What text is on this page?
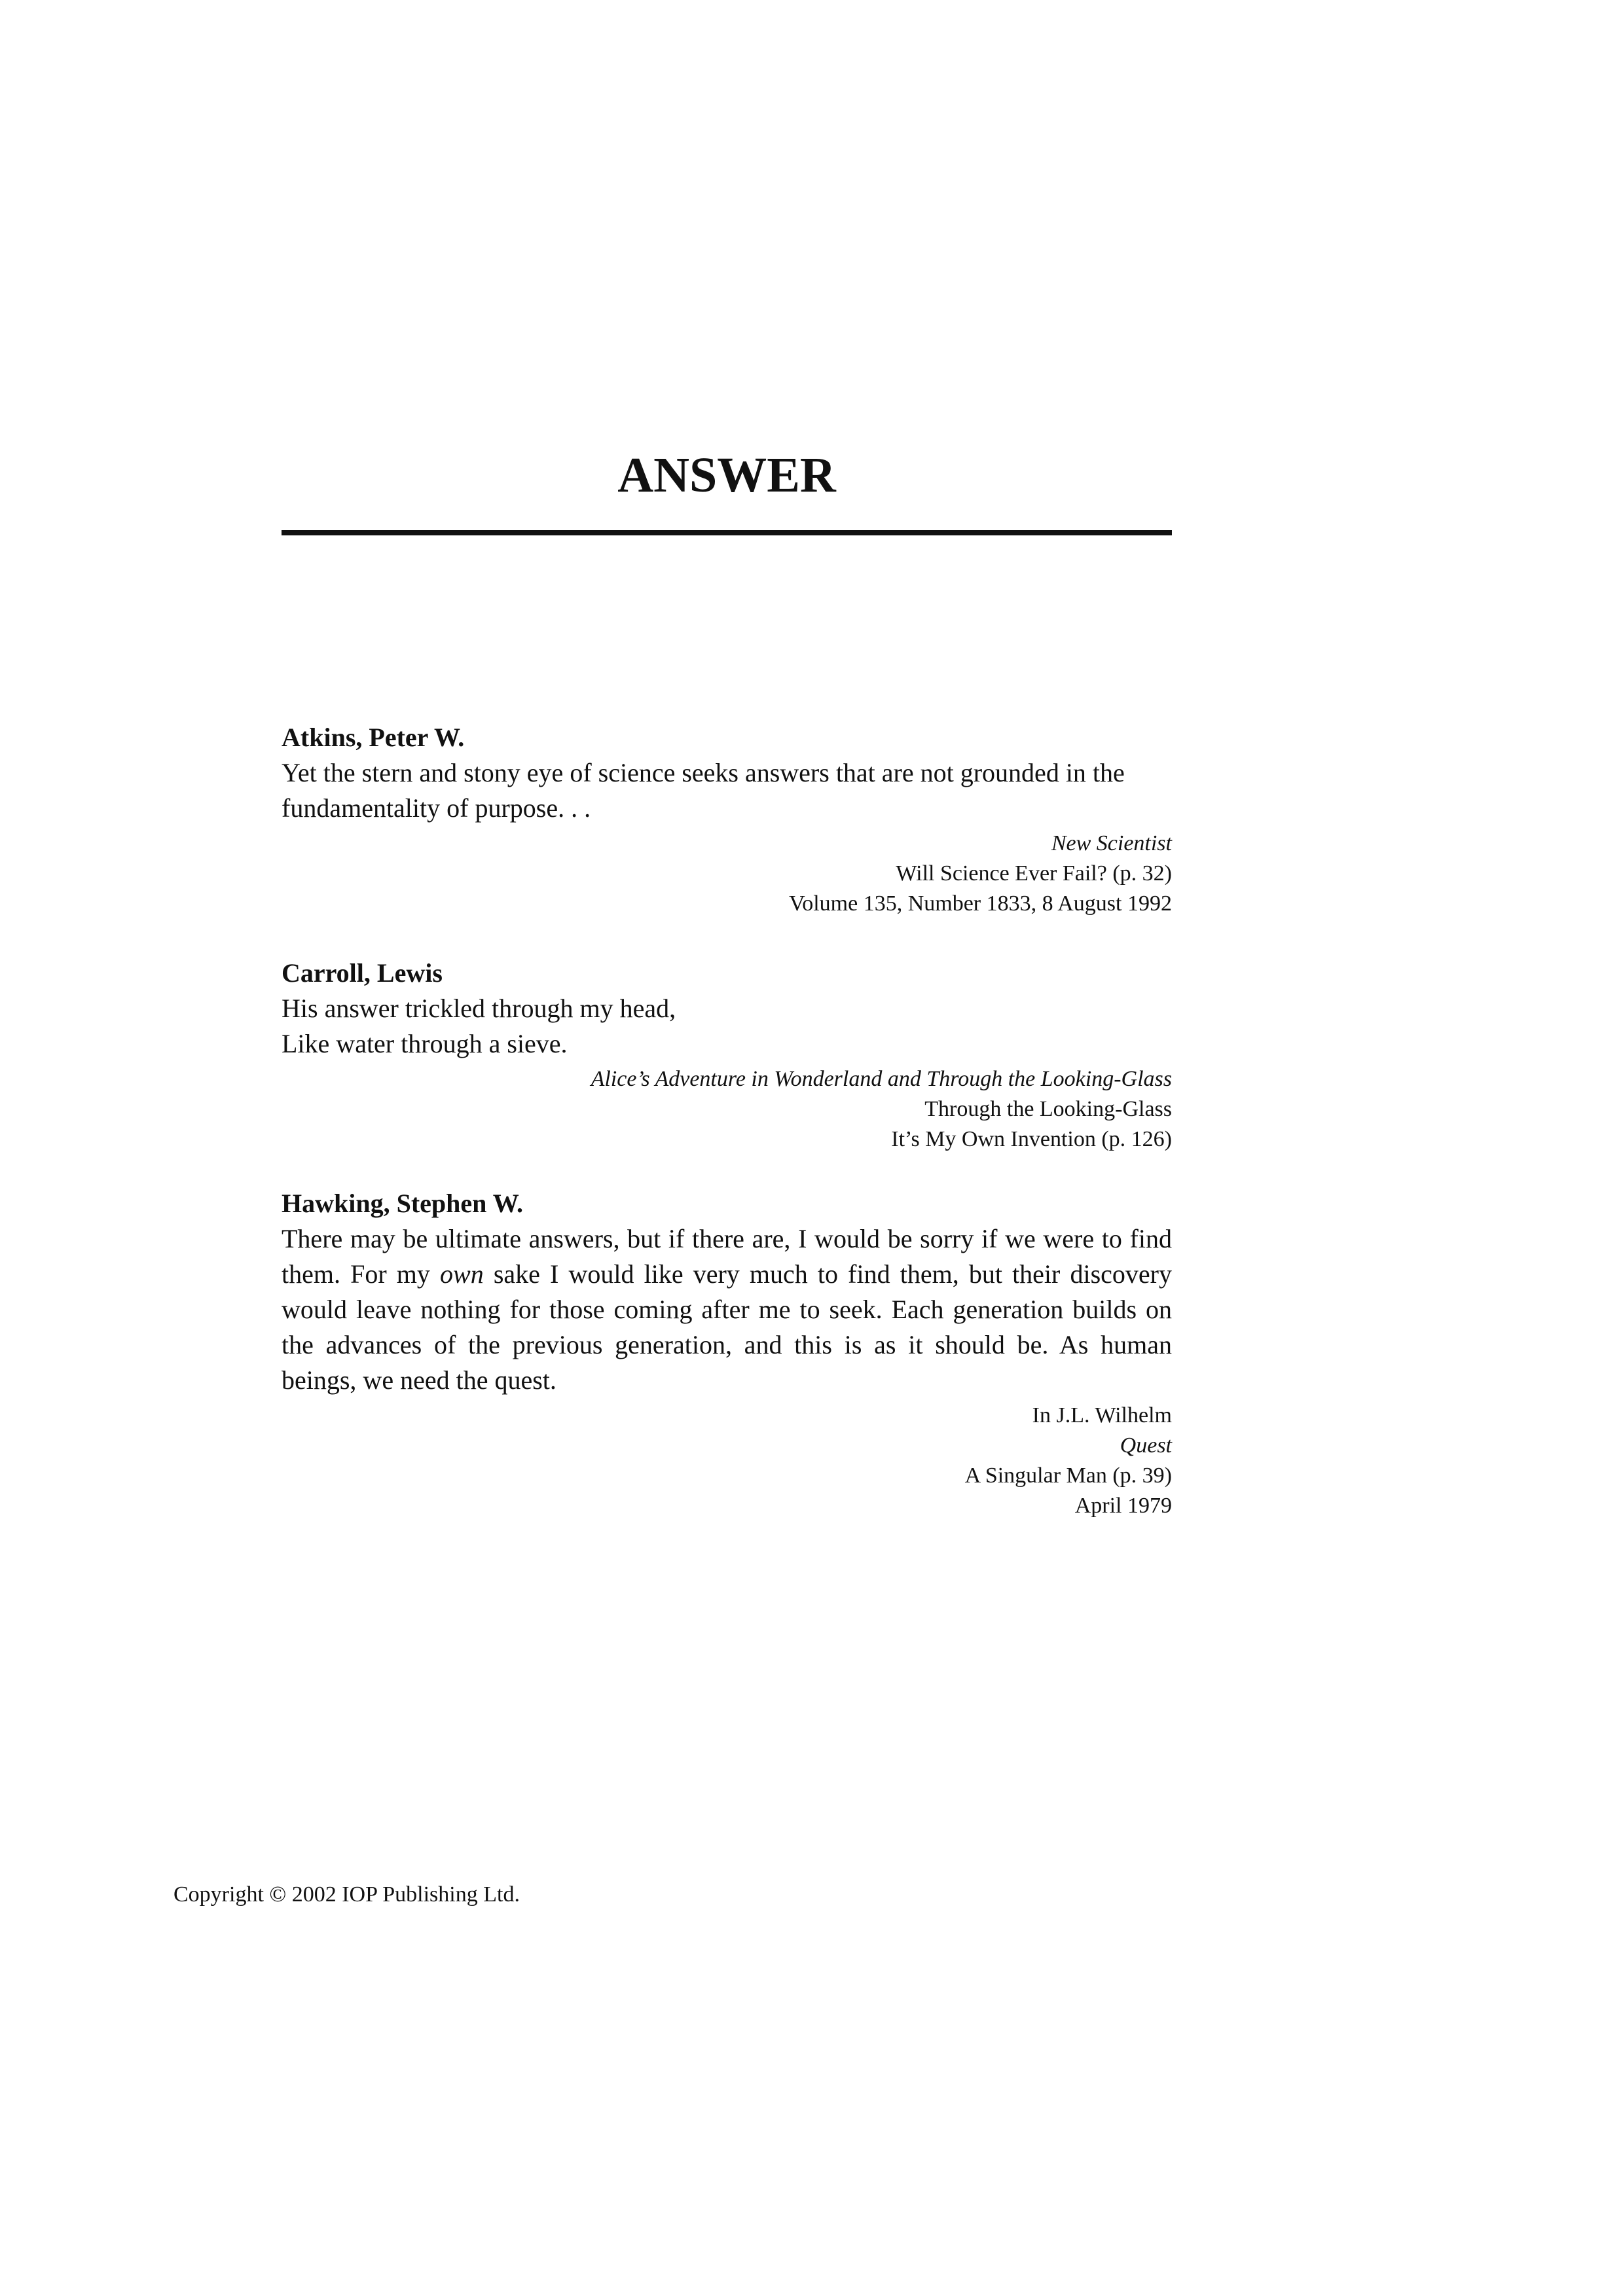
ANSWER

Atkins, Peter W.

Yet the stern and stony eye of science seeks answers that are not grounded in the fundamentality of purpose. . .

New Scientist
Will Science Ever Fail? (p. 32)
Volume 135, Number 1833, 8 August 1992

Carroll, Lewis

His answer trickled through my head,
Like water through a sieve.

Alice’s Adventure in Wonderland and Through the Looking-Glass
Through the Looking-Glass
It’s My Own Invention (p. 126)

Hawking, Stephen W.

There may be ultimate answers, but if there are, I would be sorry if we were to find them. For my own sake I would like very much to find them, but their discovery would leave nothing for those coming after me to seek. Each generation builds on the advances of the previous generation, and this is as it should be. As human beings, we need the quest.

In J.L. Wilhelm
Quest
A Singular Man (p. 39)
April 1979

Copyright © 2002 IOP Publishing Ltd.
